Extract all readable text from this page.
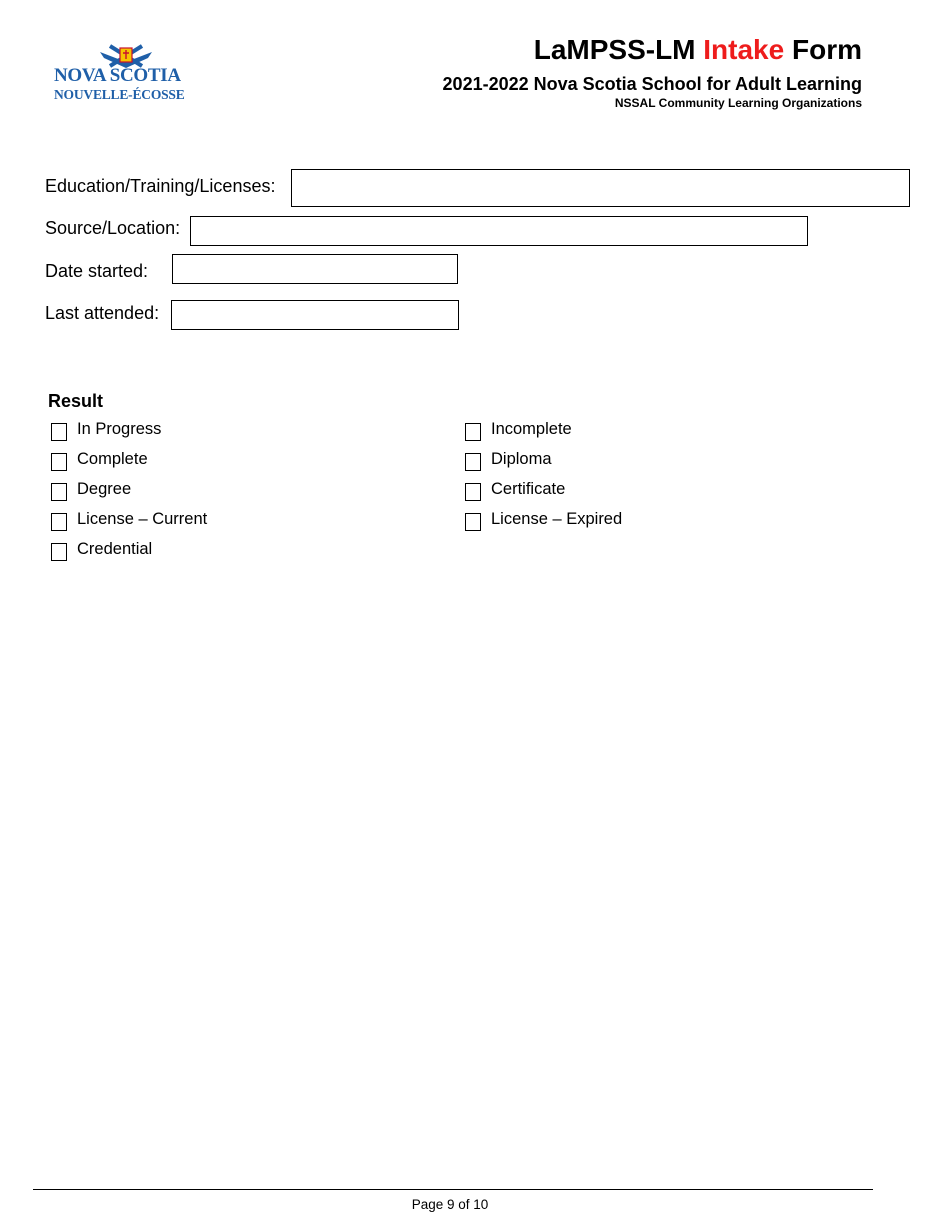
NOVA SCOTIA
NOUVELLE-ÉCOSSE
LaMPSS-LM Intake Form
2021-2022 Nova Scotia School for Adult Learning
NSSAL Community Learning Organizations
Education/Training/Licenses:
Source/Location:
Date started:
Last attended:
Result
In Progress	Incomplete
Complete	Diploma
Degree	Certificate
License – Current	License – Expired
Credential
Page 9 of 10
